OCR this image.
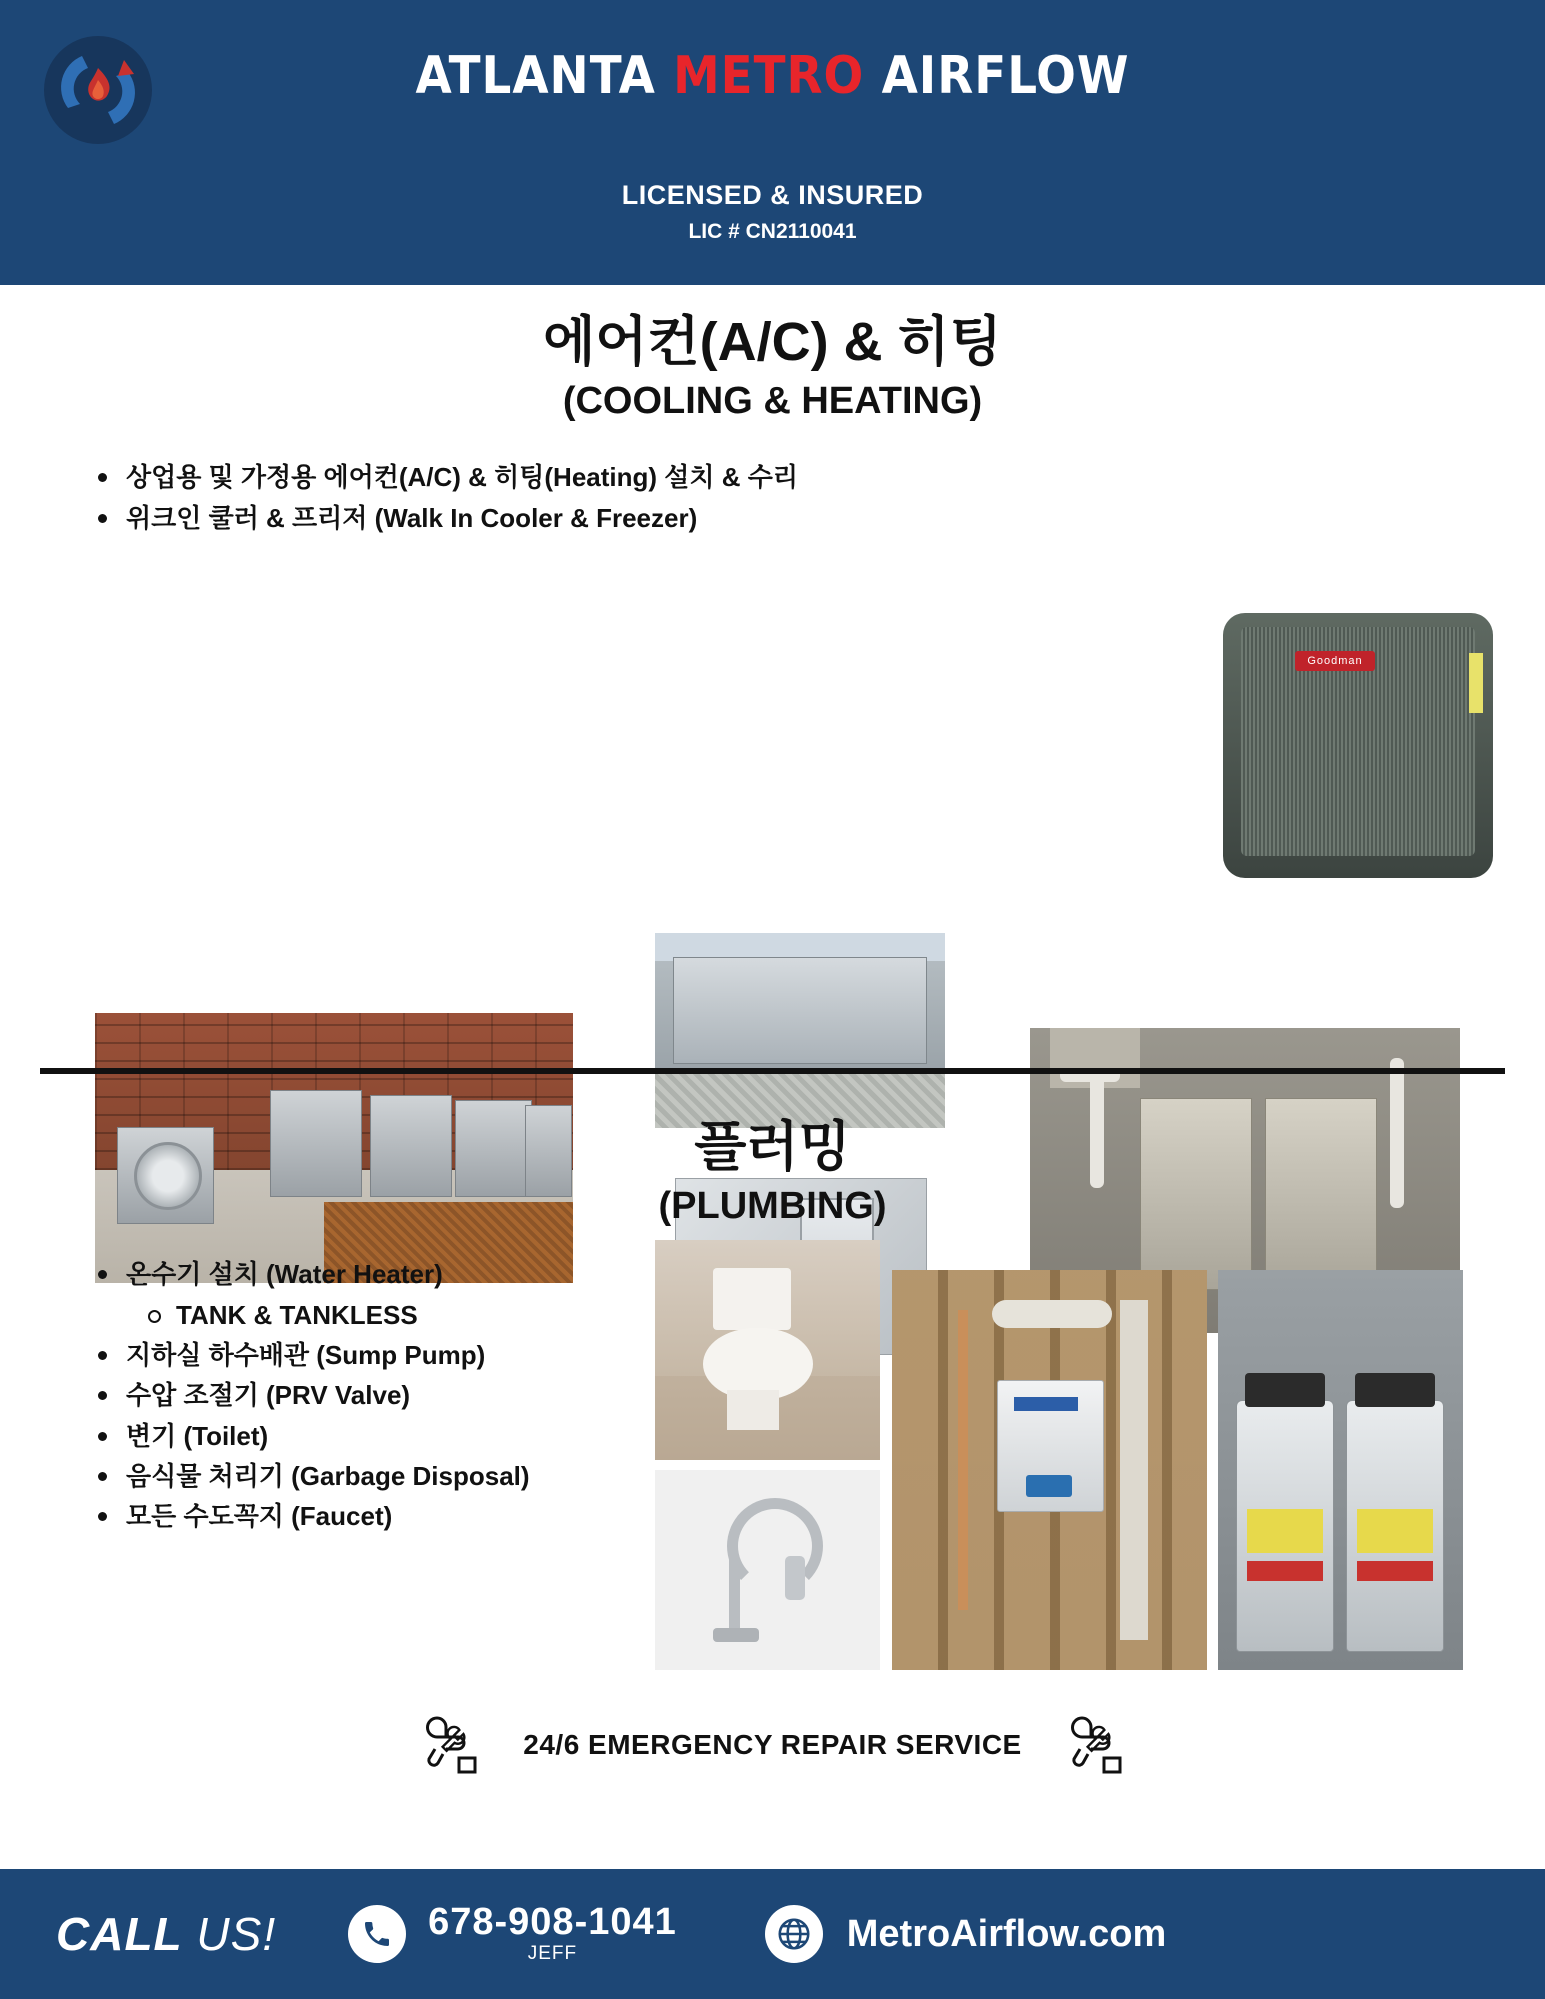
ATLANTA METRO AIRFLOW
LICENSED & INSURED
LIC # CN2110041
에어컨(A/C) & 히팅
(COOLING & HEATING)
상업용 및 가정용 에어컨(A/C) & 히팅(Heating) 설치 & 수리
위크인 쿨러 & 프리저 (Walk In Cooler & Freezer)
Goodman
플러밍
(PLUMBING)
온수기 설치 (Water Heater)
TANK & TANKLESS
지하실 하수배관 (Sump Pump)
수압 조절기 (PRV Valve)
변기 (Toilet)
음식물 처리기 (Garbage Disposal)
모든 수도꼭지 (Faucet)
24/6 EMERGENCY REPAIR SERVICE
CALL US!	678-908-1041
JEFF	MetroAirflow.com
